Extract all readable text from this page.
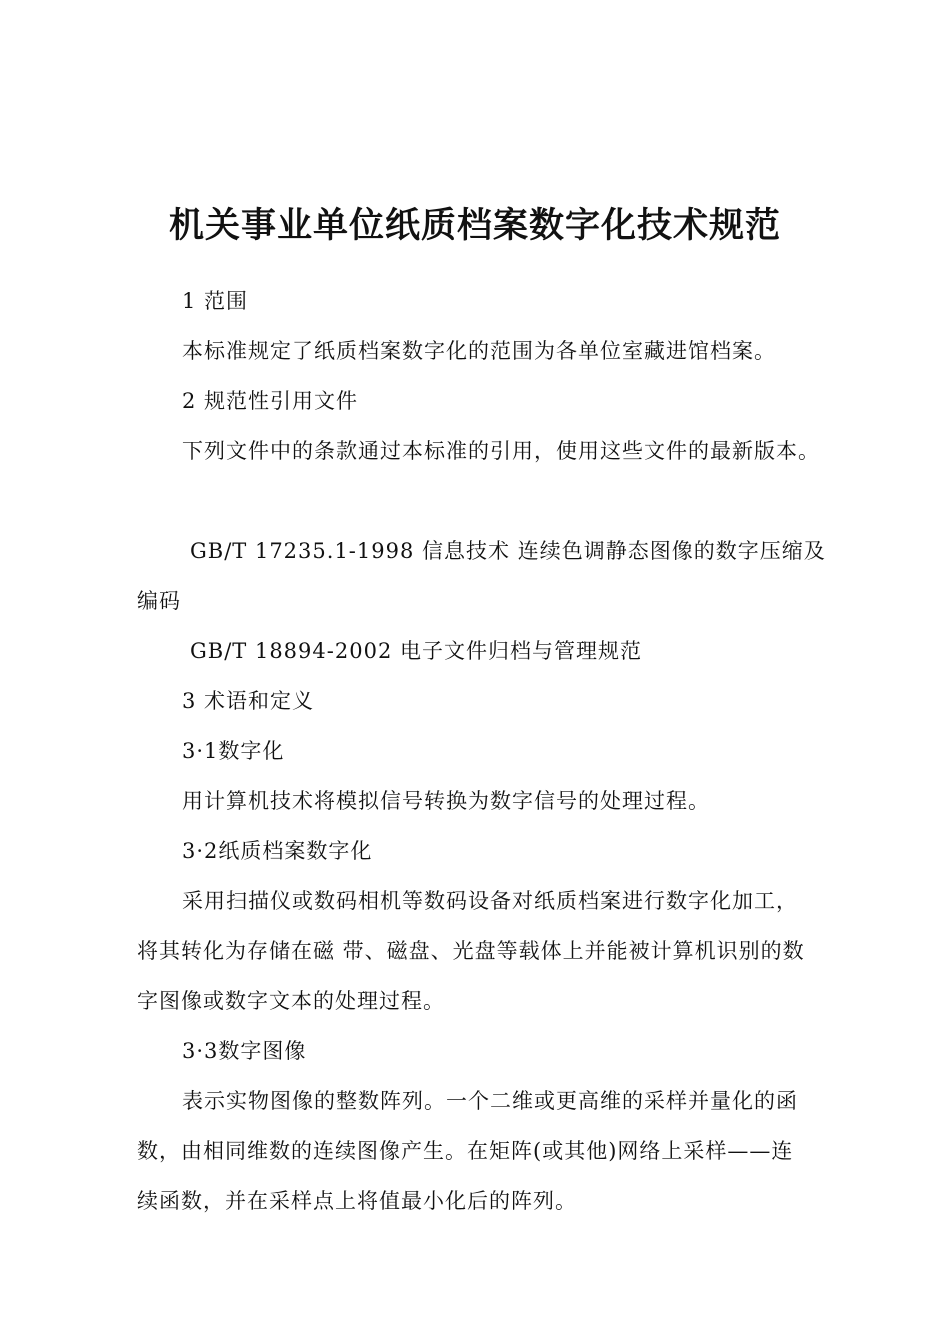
机关事业单位纸质档案数字化技术规范
1 范围
本标准规定了纸质档案数字化的范围为各单位室藏进馆档案。
2 规范性引用文件
下列文件中的条款通过本标准的引用，使用这些文件的最新版本。
GB/T 17235.1-1998 信息技术 连续色调静态图像的数字压缩及
编码
GB/T 18894-2002 电子文件归档与管理规范
3 术语和定义
3·1数字化
用计算机技术将模拟信号转换为数字信号的处理过程。
3·2纸质档案数字化
采用扫描仪或数码相机等数码设备对纸质档案进行数字化加工，
将其转化为存储在磁 带、磁盘、光盘等载体上并能被计算机识别的数
字图像或数字文本的处理过程。
3·3数字图像
表示实物图像的整数阵列。一个二维或更高维的采样并量化的函
数，由相同维数的连续图像产生。在矩阵(或其他)网络上采样——连
续函数，并在采样点上将值最小化后的阵列。
